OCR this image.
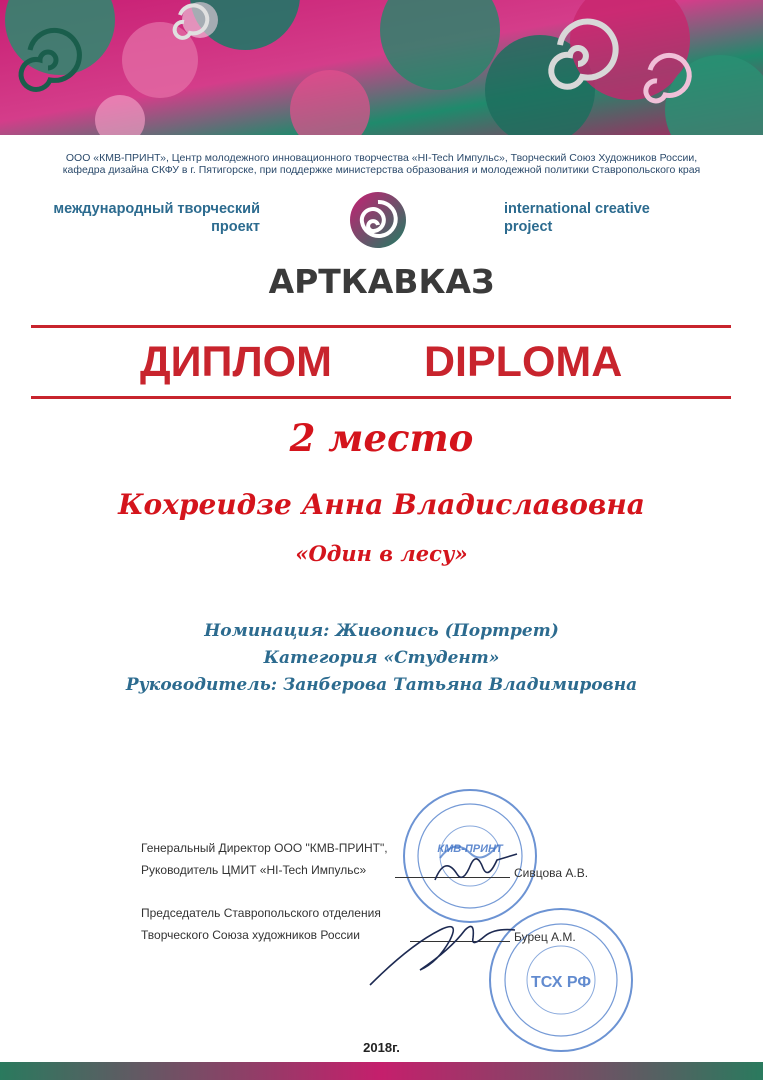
ООО «КМВ-ПРИНТ», Центр молодежного инновационного творчества «HI-Tech Импульс», Творческий Союз Художников России,
кафедра дизайна СКФУ в г. Пятигорске, при поддержке министерства образования и молодежной политики Ставропольского края
международный творческий
проект
international creative
project
АРТКАВКАЗ
ДИПЛОМ DIPLOMA
2 место
Кохреидзе Анна Владиславовна
«Один в лесу»
Номинация: Живопись (Портрет)
Категория «Студент»
Руководитель: Занберова Татьяна Владимировна
КМВ-ПРИНТ
ТСХ РФ
Генеральный Директор ООО "КМВ-ПРИНТ",
Руководитель ЦМИТ «HI-Tech Импульс»	Сивцова А.В.
Председатель Ставропольского отделения
Творческого Союза художников России	Бурец А.М.
2018г.
